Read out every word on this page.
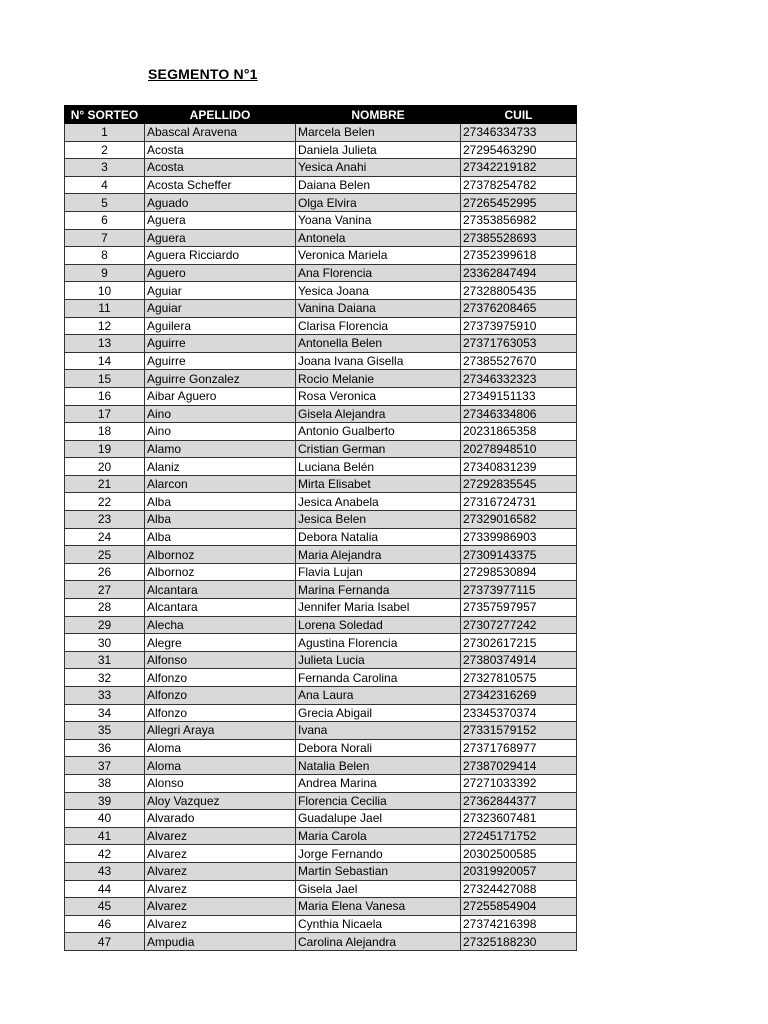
SEGMENTO N°1
N° SORTEO	APELLIDO	NOMBRE	CUIL
1	Abascal Aravena	Marcela Belen	27346334733
2	Acosta	Daniela Julieta	27295463290
3	Acosta	Yesica Anahi	27342219182
4	Acosta Scheffer	Daiana Belen	27378254782
5	Aguado	Olga Elvira	27265452995
6	Aguera	Yoana Vanina	27353856982
7	Aguera	Antonela	27385528693
8	Aguera Ricciardo	Veronica Mariela	27352399618
9	Aguero	Ana Florencia	23362847494
10	Aguiar	Yesica Joana	27328805435
11	Aguiar	Vanina Daiana	27376208465
12	Aguilera	Clarisa Florencia	27373975910
13	Aguirre	Antonella Belen	27371763053
14	Aguirre	Joana Ivana Gisella	27385527670
15	Aguirre Gonzalez	Rocio Melanie	27346332323
16	Aibar Aguero	Rosa Veronica	27349151133
17	Aino	Gisela Alejandra	27346334806
18	Aino	Antonio Gualberto	20231865358
19	Alamo	Cristian German	20278948510
20	Alaniz	Luciana Belén	27340831239
21	Alarcon	Mirta Elisabet	27292835545
22	Alba	Jesica Anabela	27316724731
23	Alba	Jesica Belen	27329016582
24	Alba	Debora Natalia	27339986903
25	Albornoz	Maria Alejandra	27309143375
26	Albornoz	Flavia Lujan	27298530894
27	Alcantara	Marina Fernanda	27373977115
28	Alcantara	Jennifer Maria Isabel	27357597957
29	Alecha	Lorena Soledad	27307277242
30	Alegre	Agustina Florencia	27302617215
31	Alfonso	Julieta Lucia	27380374914
32	Alfonzo	Fernanda Carolina	27327810575
33	Alfonzo	Ana Laura	27342316269
34	Alfonzo	Grecia Abigail	23345370374
35	Allegri Araya	Ivana	27331579152
36	Aloma	Debora Norali	27371768977
37	Aloma	Natalia Belen	27387029414
38	Alonso	Andrea Marina	27271033392
39	Aloy Vazquez	Florencia Cecilia	27362844377
40	Alvarado	Guadalupe Jael	27323607481
41	Alvarez	Maria Carola	27245171752
42	Alvarez	Jorge Fernando	20302500585
43	Alvarez	Martin Sebastian	20319920057
44	Alvarez	Gisela Jael	27324427088
45	Alvarez	Maria Elena Vanesa	27255854904
46	Alvarez	Cynthia Nicaela	27374216398
47	Ampudia	Carolina Alejandra	27325188230
